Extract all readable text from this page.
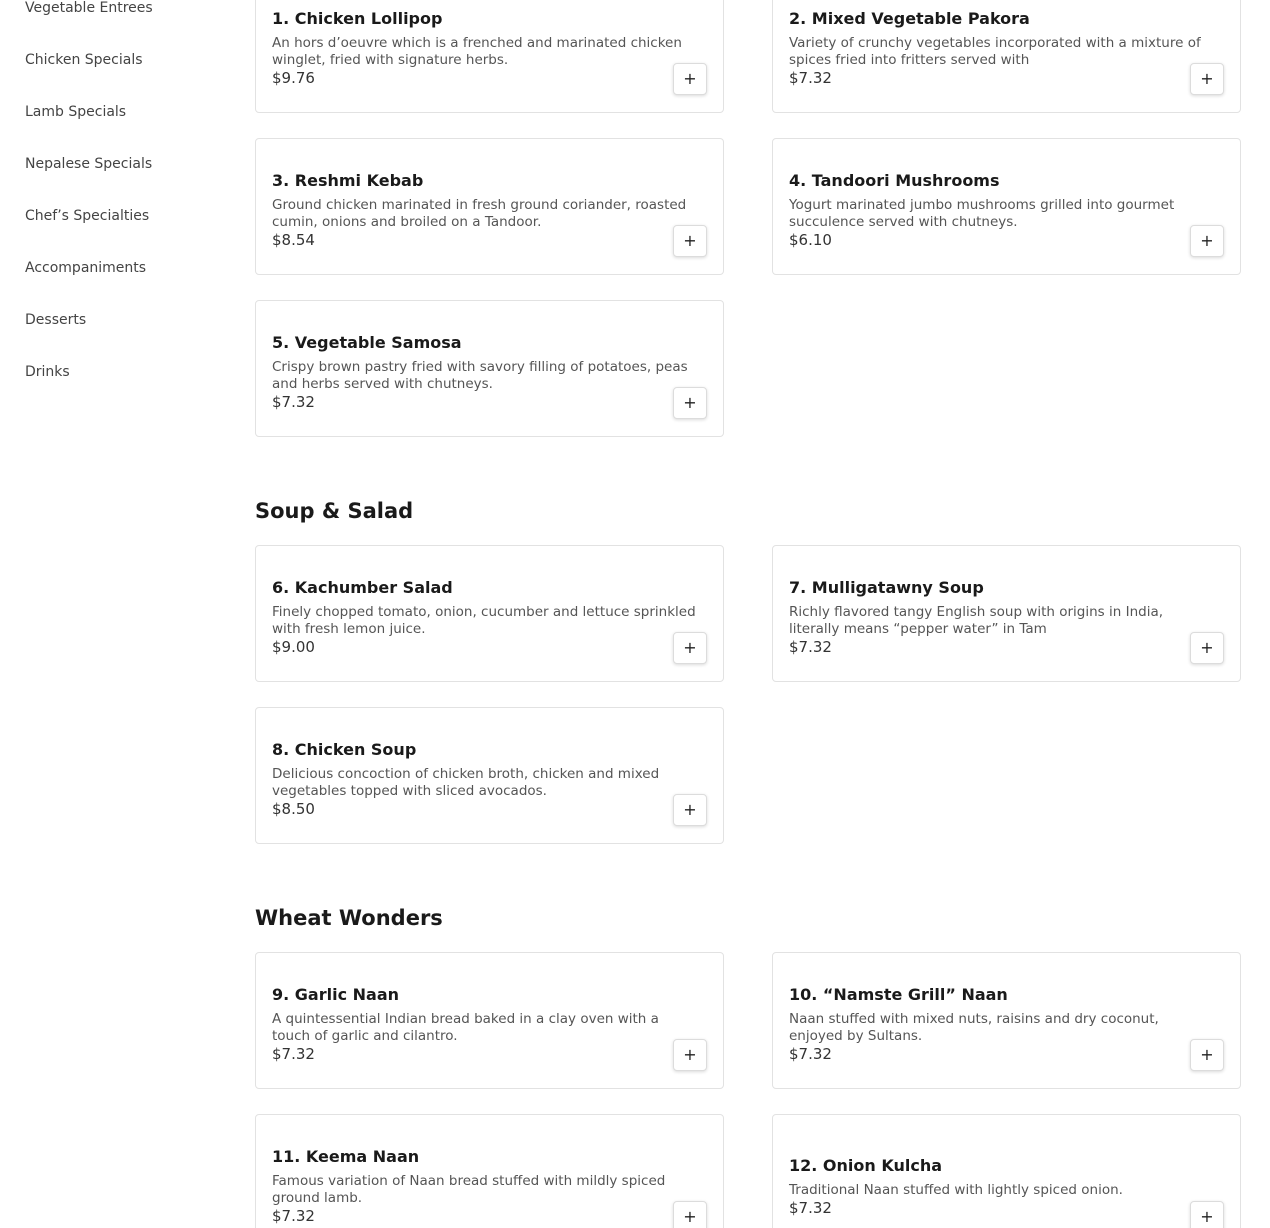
Vegetable Entrees
Chicken Specials
Lamb Specials
Nepalese Specials
Chef’s Specialties
Accompaniments
Desserts
Drinks
1. Chicken Lollipop
An hors d’oeuvre which is a frenched and marinated chicken winglet, fried with signature herbs.
$9.76	+
2. Mixed Vegetable Pakora
Variety of crunchy vegetables incorporated with a mixture of spices fried into fritters served with
$7.32	+
3. Reshmi Kebab
Ground chicken marinated in fresh ground coriander, roasted cumin, onions and broiled on a Tandoor.
$8.54	+
4. Tandoori Mushrooms
Yogurt marinated jumbo mushrooms grilled into gourmet succulence served with chutneys.
$6.10	+
5. Vegetable Samosa
Crispy brown pastry fried with savory filling of potatoes, peas and herbs served with chutneys.
$7.32	+
Soup & Salad
6. Kachumber Salad
Finely chopped tomato, onion, cucumber and lettuce sprinkled with fresh lemon juice.
$9.00	+
7. Mulligatawny Soup
Richly flavored tangy English soup with origins in India, literally means “pepper water” in Tam
$7.32	+
8. Chicken Soup
Delicious concoction of chicken broth, chicken and mixed vegetables topped with sliced avocados.
$8.50	+
Wheat Wonders
9. Garlic Naan
A quintessential Indian bread baked in a clay oven with a touch of garlic and cilantro.
$7.32	+
10. “Namste Grill” Naan
Naan stuffed with mixed nuts, raisins and dry coconut, enjoyed by Sultans.
$7.32	+
11. Keema Naan
Famous variation of Naan bread stuffed with mildly spiced ground lamb.
$7.32	+
12. Onion Kulcha
Traditional Naan stuffed with lightly spiced onion.
$7.32	+
